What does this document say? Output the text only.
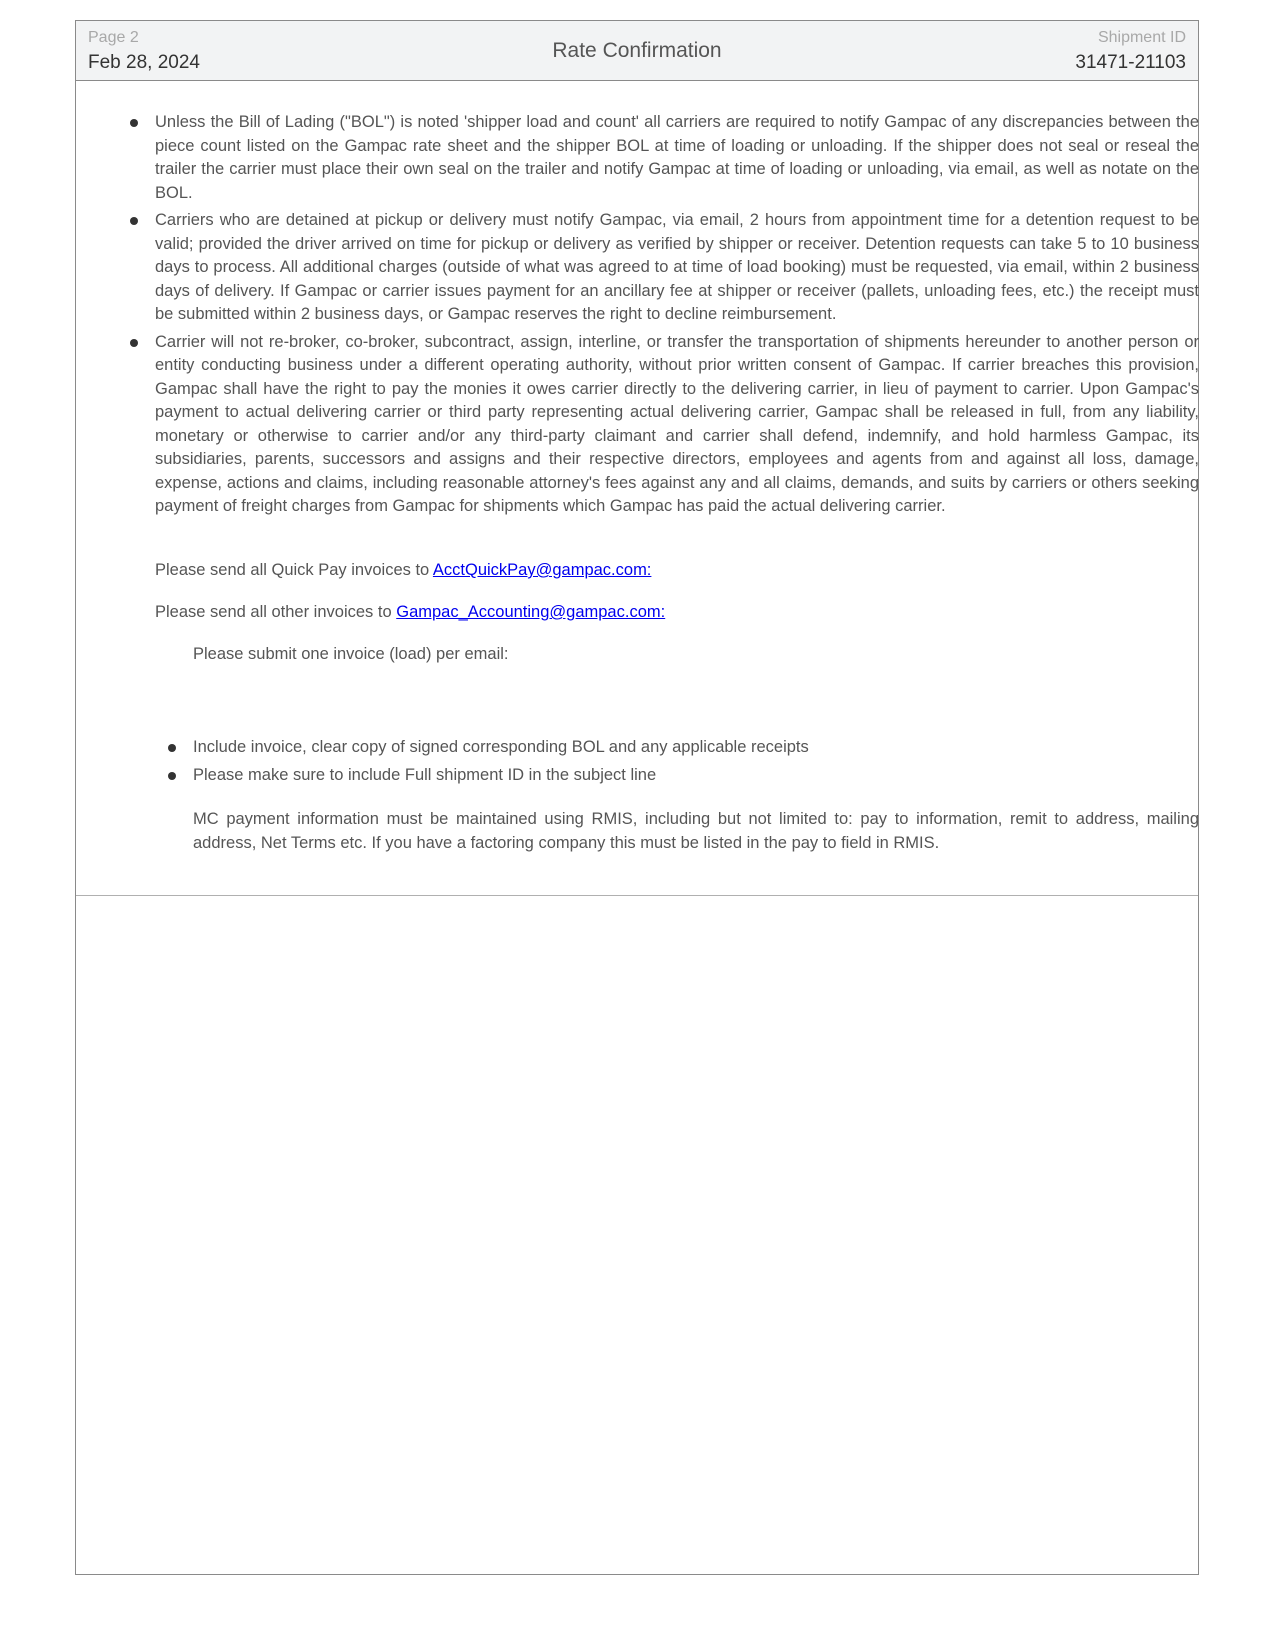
Page 2
Feb 28, 2024
Rate Confirmation
Shipment ID
31471-21103
Unless the Bill of Lading ("BOL") is noted 'shipper load and count' all carriers are required to notify Gampac of any discrepancies between the piece count listed on the Gampac rate sheet and the shipper BOL at time of loading or unloading. If the shipper does not seal or reseal the trailer the carrier must place their own seal on the trailer and notify Gampac at time of loading or unloading, via email, as well as notate on the BOL.
Carriers who are detained at pickup or delivery must notify Gampac, via email, 2 hours from appointment time for a detention request to be valid; provided the driver arrived on time for pickup or delivery as verified by shipper or receiver. Detention requests can take 5 to 10 business days to process. All additional charges (outside of what was agreed to at time of load booking) must be requested, via email, within 2 business days of delivery. If Gampac or carrier issues payment for an ancillary fee at shipper or receiver (pallets, unloading fees, etc.) the receipt must be submitted within 2 business days, or Gampac reserves the right to decline reimbursement.
Carrier will not re-broker, co-broker, subcontract, assign, interline, or transfer the transportation of shipments hereunder to another person or entity conducting business under a different operating authority, without prior written consent of Gampac. If carrier breaches this provision, Gampac shall have the right to pay the monies it owes carrier directly to the delivering carrier, in lieu of payment to carrier. Upon Gampac's payment to actual delivering carrier or third party representing actual delivering carrier, Gampac shall be released in full, from any liability, monetary or otherwise to carrier and/or any third-party claimant and carrier shall defend, indemnify, and hold harmless Gampac, its subsidiaries, parents, successors and assigns and their respective directors, employees and agents from and against all loss, damage, expense, actions and claims, including reasonable attorney's fees against any and all claims, demands, and suits by carriers or others seeking payment of freight charges from Gampac for shipments which Gampac has paid the actual delivering carrier.
Please send all Quick Pay invoices to AcctQuickPay@gampac.com:
Please send all other invoices to Gampac_Accounting@gampac.com:
Please submit one invoice (load) per email:
Include invoice, clear copy of signed corresponding BOL and any applicable receipts
Please make sure to include Full shipment ID in the subject line
MC payment information must be maintained using RMIS, including but not limited to: pay to information, remit to address, mailing address, Net Terms etc. If you have a factoring company this must be listed in the pay to field in RMIS.
